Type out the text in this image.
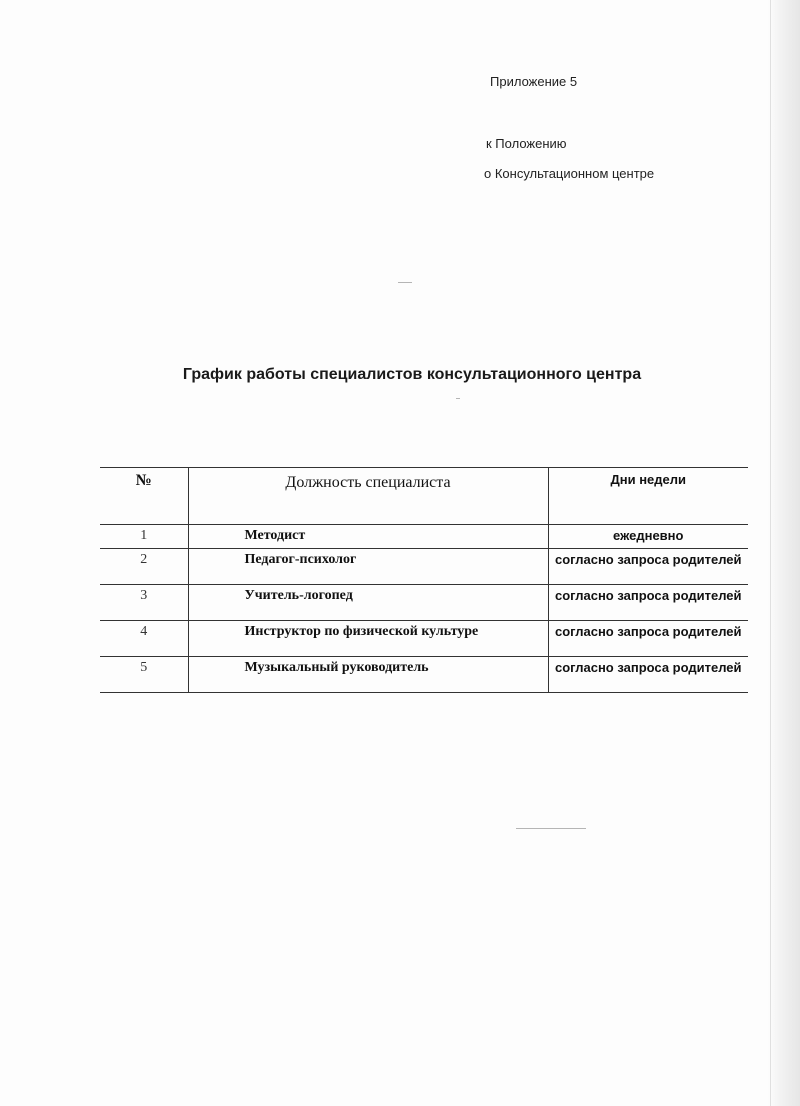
Приложение 5
к Положению
о Консультационном центре
График работы специалистов консультационного центра
№	Должность специалиста	Дни недели
1	Методист	ежедневно
2	Педагог-психолог	согласно запроса родителей
3	Учитель-логопед	согласно запроса родителей
4	Инструктор по физической культуре	согласно запроса родителей
5	Музыкальный руководитель	согласно запроса родителей
